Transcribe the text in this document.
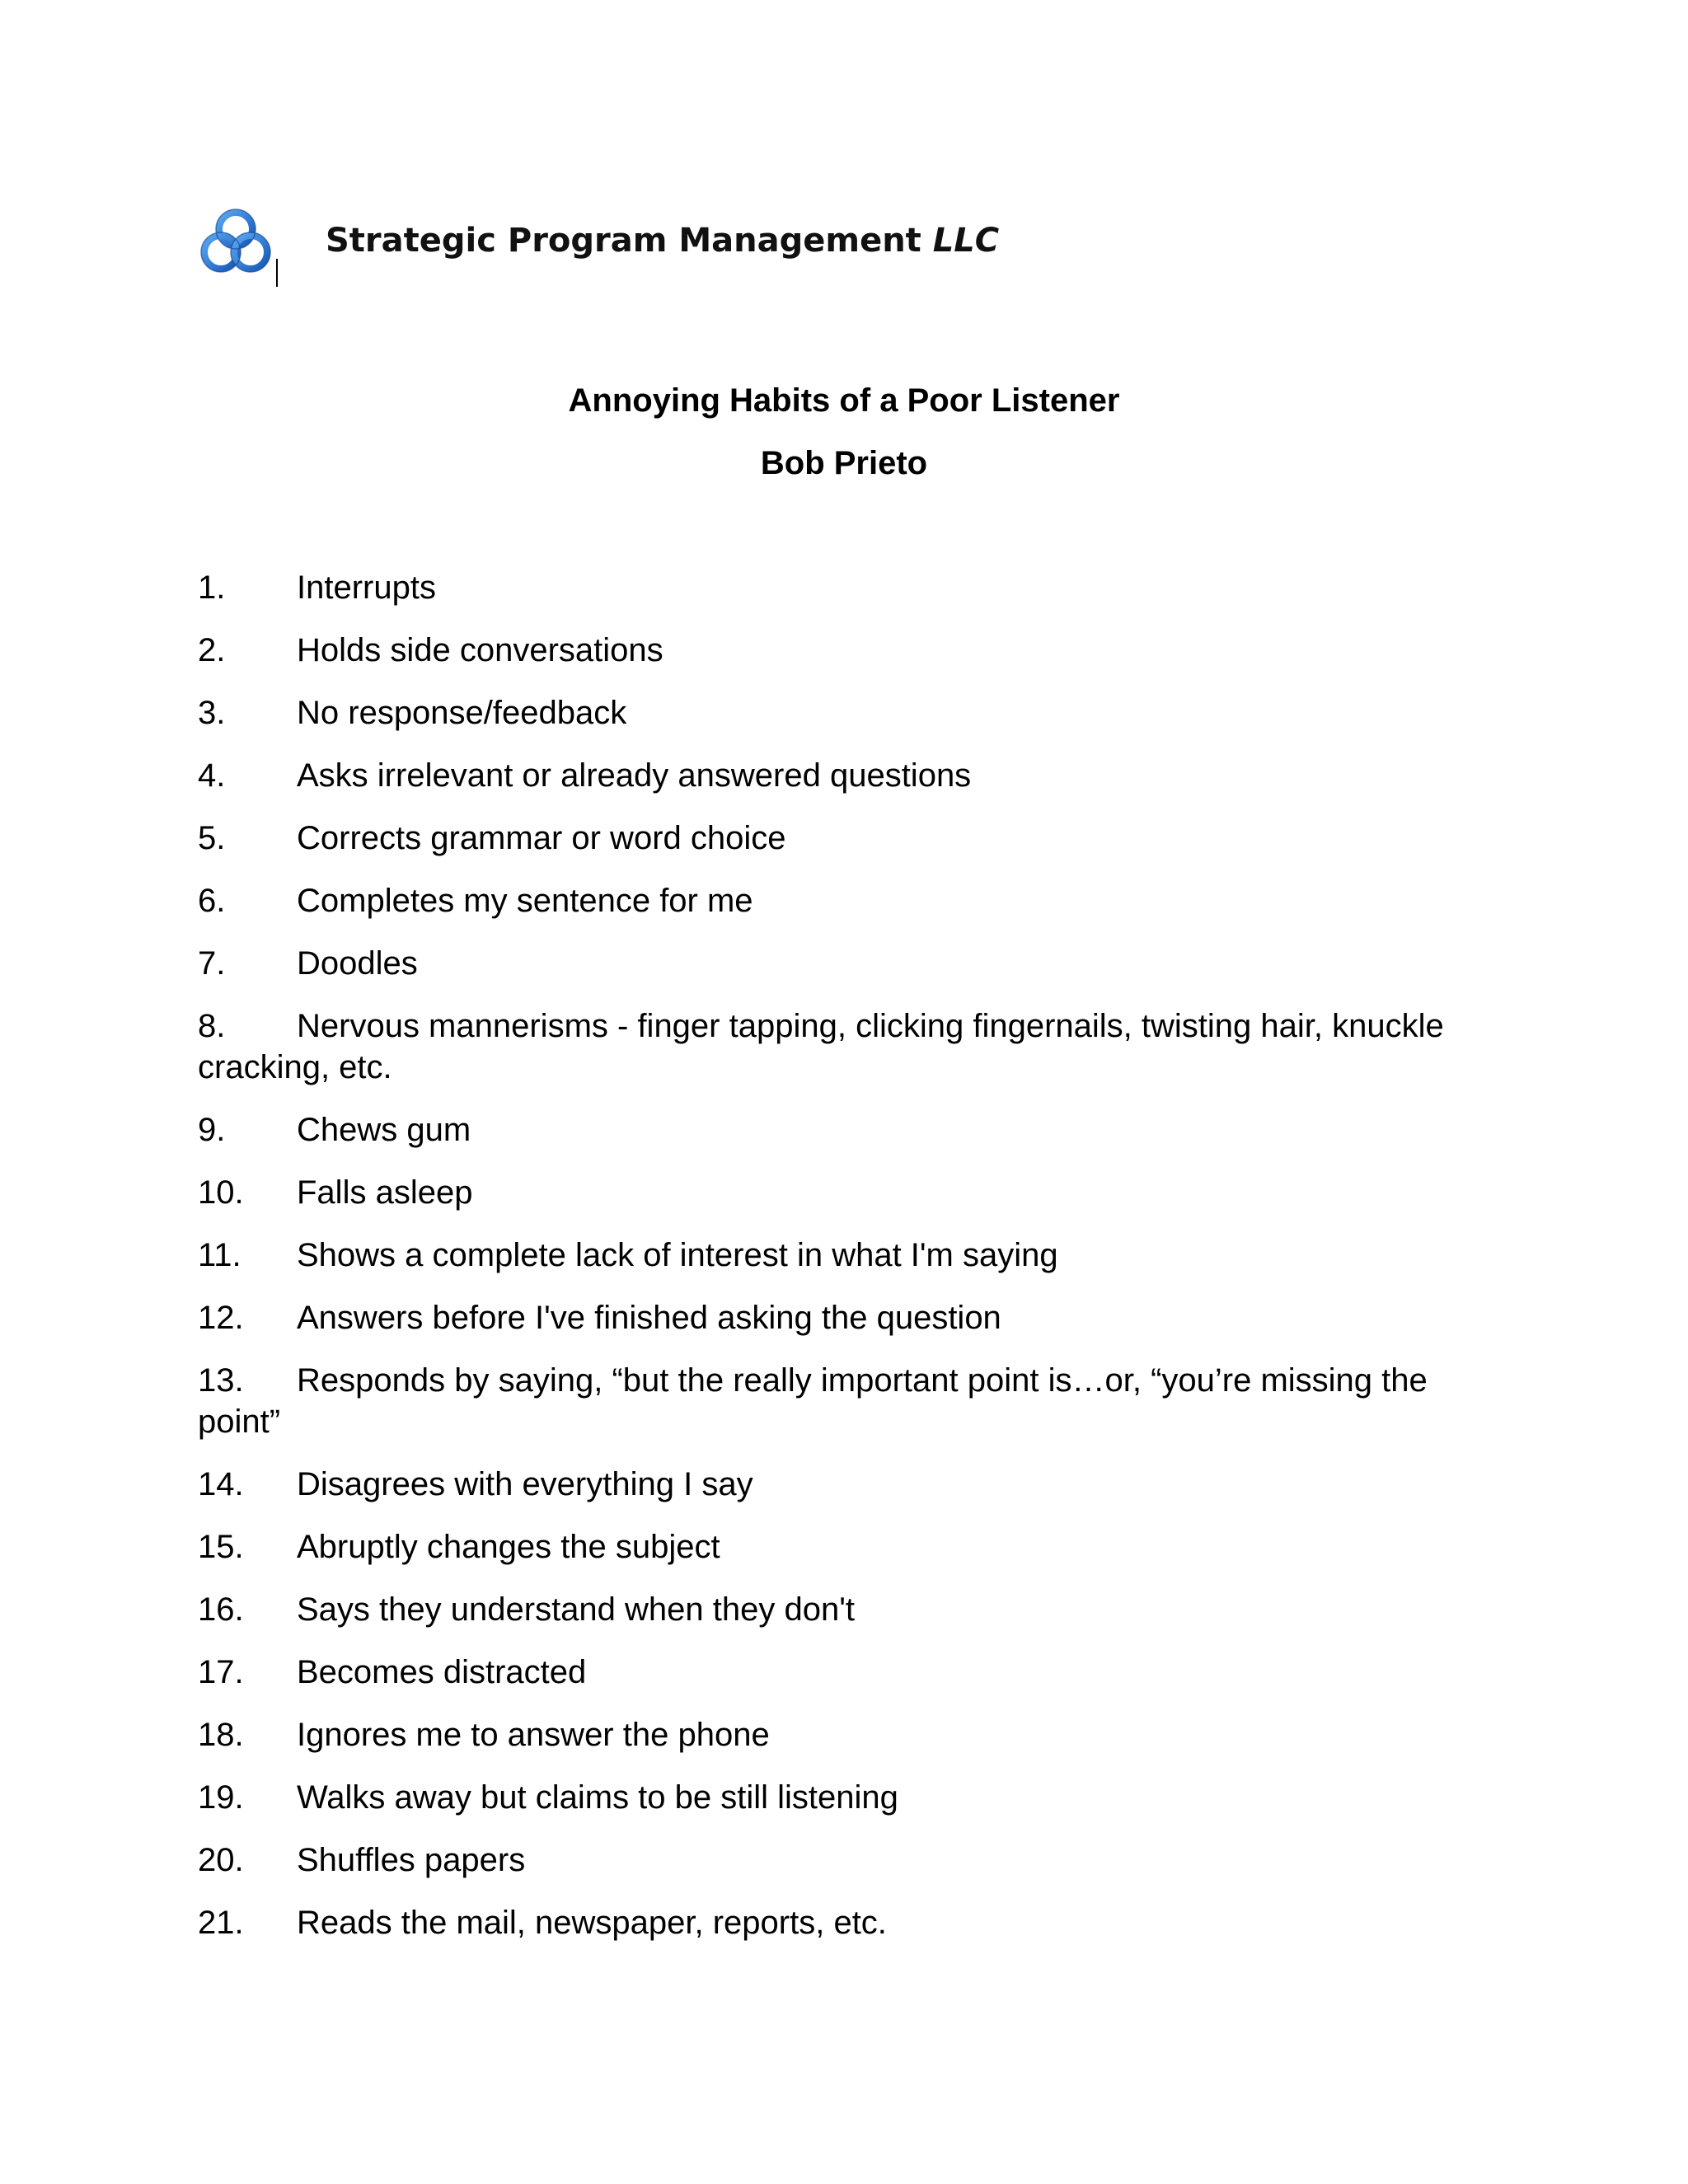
Strategic Program Management LLC
Annoying Habits of a Poor Listener
Bob Prieto
1. Interrupts
2. Holds side conversations
3. No response/feedback
4. Asks irrelevant or already answered questions
5. Corrects grammar or word choice
6. Completes my sentence for me
7. Doodles
8. Nervous mannerisms - finger tapping, clicking fingernails, twisting hair, knuckle cracking, etc.
9. Chews gum
10. Falls asleep
11. Shows a complete lack of interest in what I'm saying
12. Answers before I've finished asking the question
13. Responds by saying, “but the really important point is…or, “you’re missing the point”
14. Disagrees with everything I say
15. Abruptly changes the subject
16. Says they understand when they don't
17. Becomes distracted
18. Ignores me to answer the phone
19. Walks away but claims to be still listening
20. Shuffles papers
21. Reads the mail, newspaper, reports, etc.
